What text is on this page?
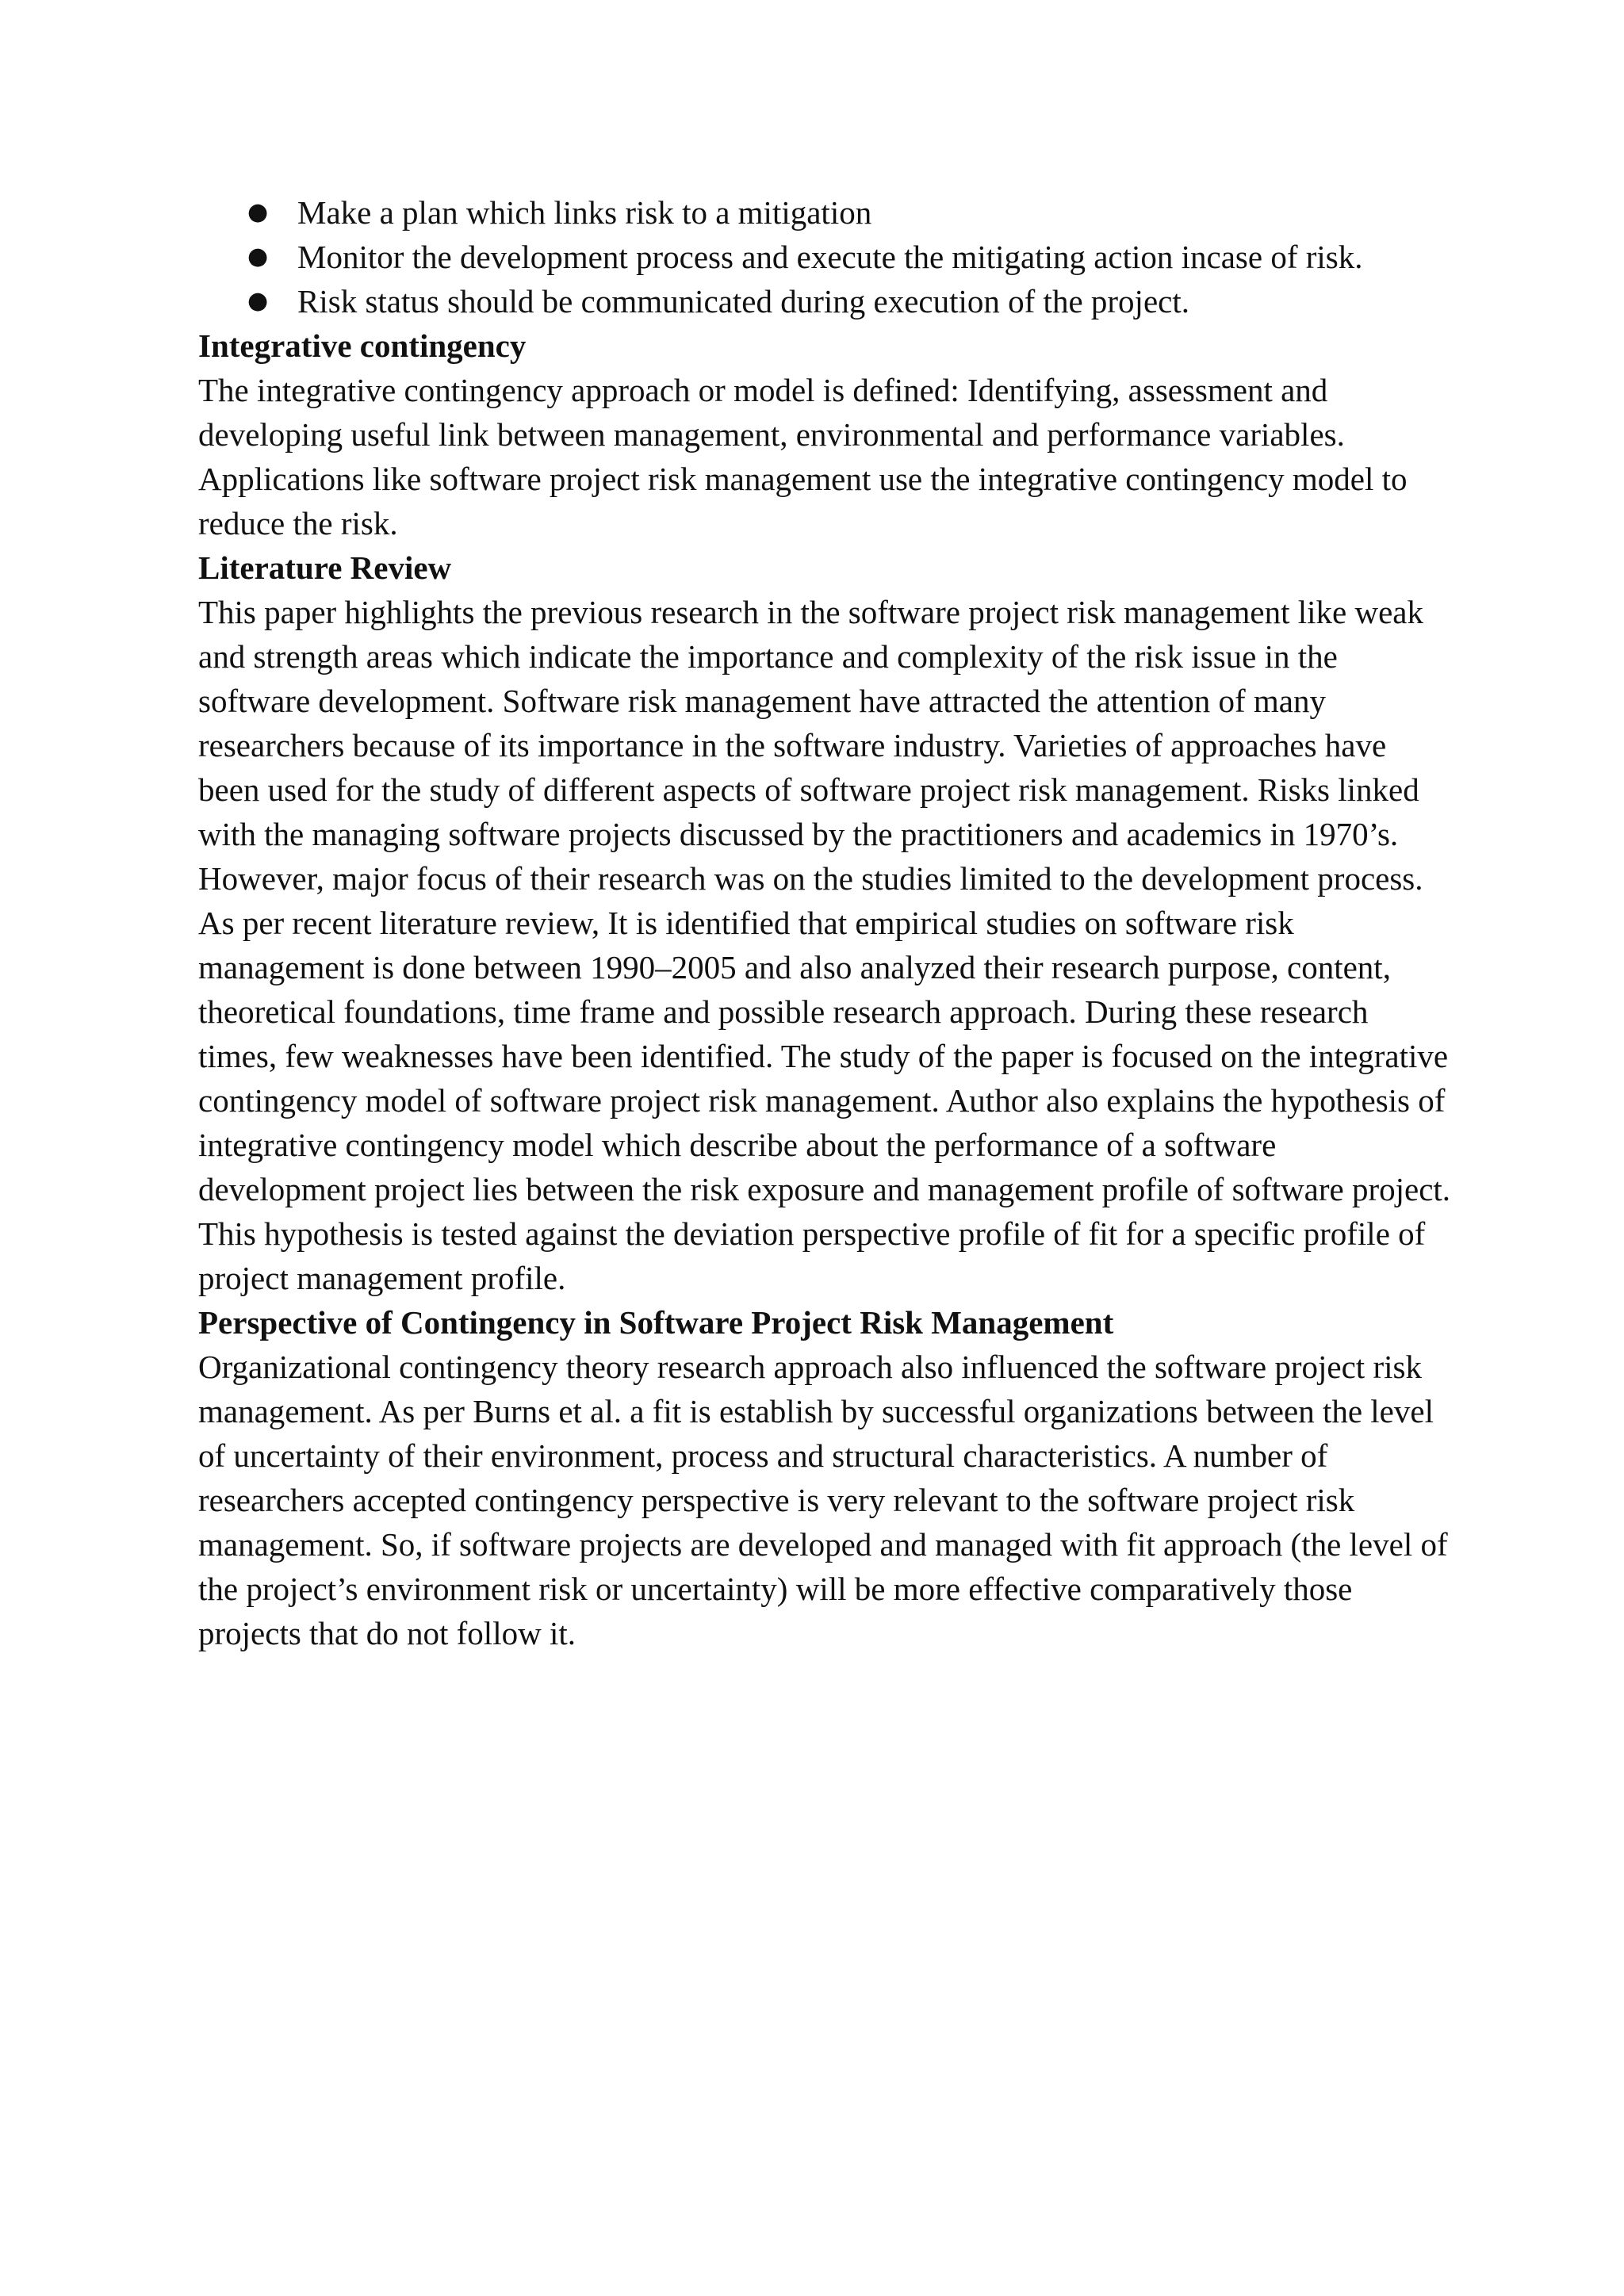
● Make a plan which links risk to a mitigation
● Monitor the development process and execute the mitigating action incase of risk.
● Risk status should be communicated during execution of the project.
Integrative contingency

The integrative contingency approach or model is defined: Identifying, assessment and developing useful link between management, environmental and performance variables. Applications like software project risk management use the integrative contingency model to reduce the risk.

Literature Review

This paper highlights the previous research in the software project risk management like weak and strength areas which indicate the importance and complexity of the risk issue in the software development. Software risk management have attracted the attention of many researchers because of its importance in the software industry. Varieties of approaches have been used for the study of different aspects of software project risk management. Risks linked with the managing software projects discussed by the practitioners and academics in 1970’s. However, major focus of their research was on the studies limited to the development process. As per recent literature review, It is identified that empirical studies on software risk management is done between 1990–2005 and also analyzed their research purpose, content, theoretical foundations, time frame and possible research approach. During these research times, few weaknesses have been identified. The study of the paper is focused on the integrative contingency model of software project risk management. Author also explains the hypothesis of integrative contingency model which describe about the performance of a software development project lies between the risk exposure and management profile of software project. This hypothesis is tested against the deviation perspective profile of fit for a specific profile of project management profile.

Perspective of Contingency in Software Project Risk Management

Organizational contingency theory research approach also influenced the software project risk management. As per Burns et al. a fit is establish by successful organizations between the level of uncertainty of their environment, process and structural characteristics. A number of researchers accepted contingency perspective is very relevant to the software project risk management. So, if software projects are developed and managed with fit approach (the level of the project’s environment risk or uncertainty) will be more effective comparatively those projects that do not follow it.
